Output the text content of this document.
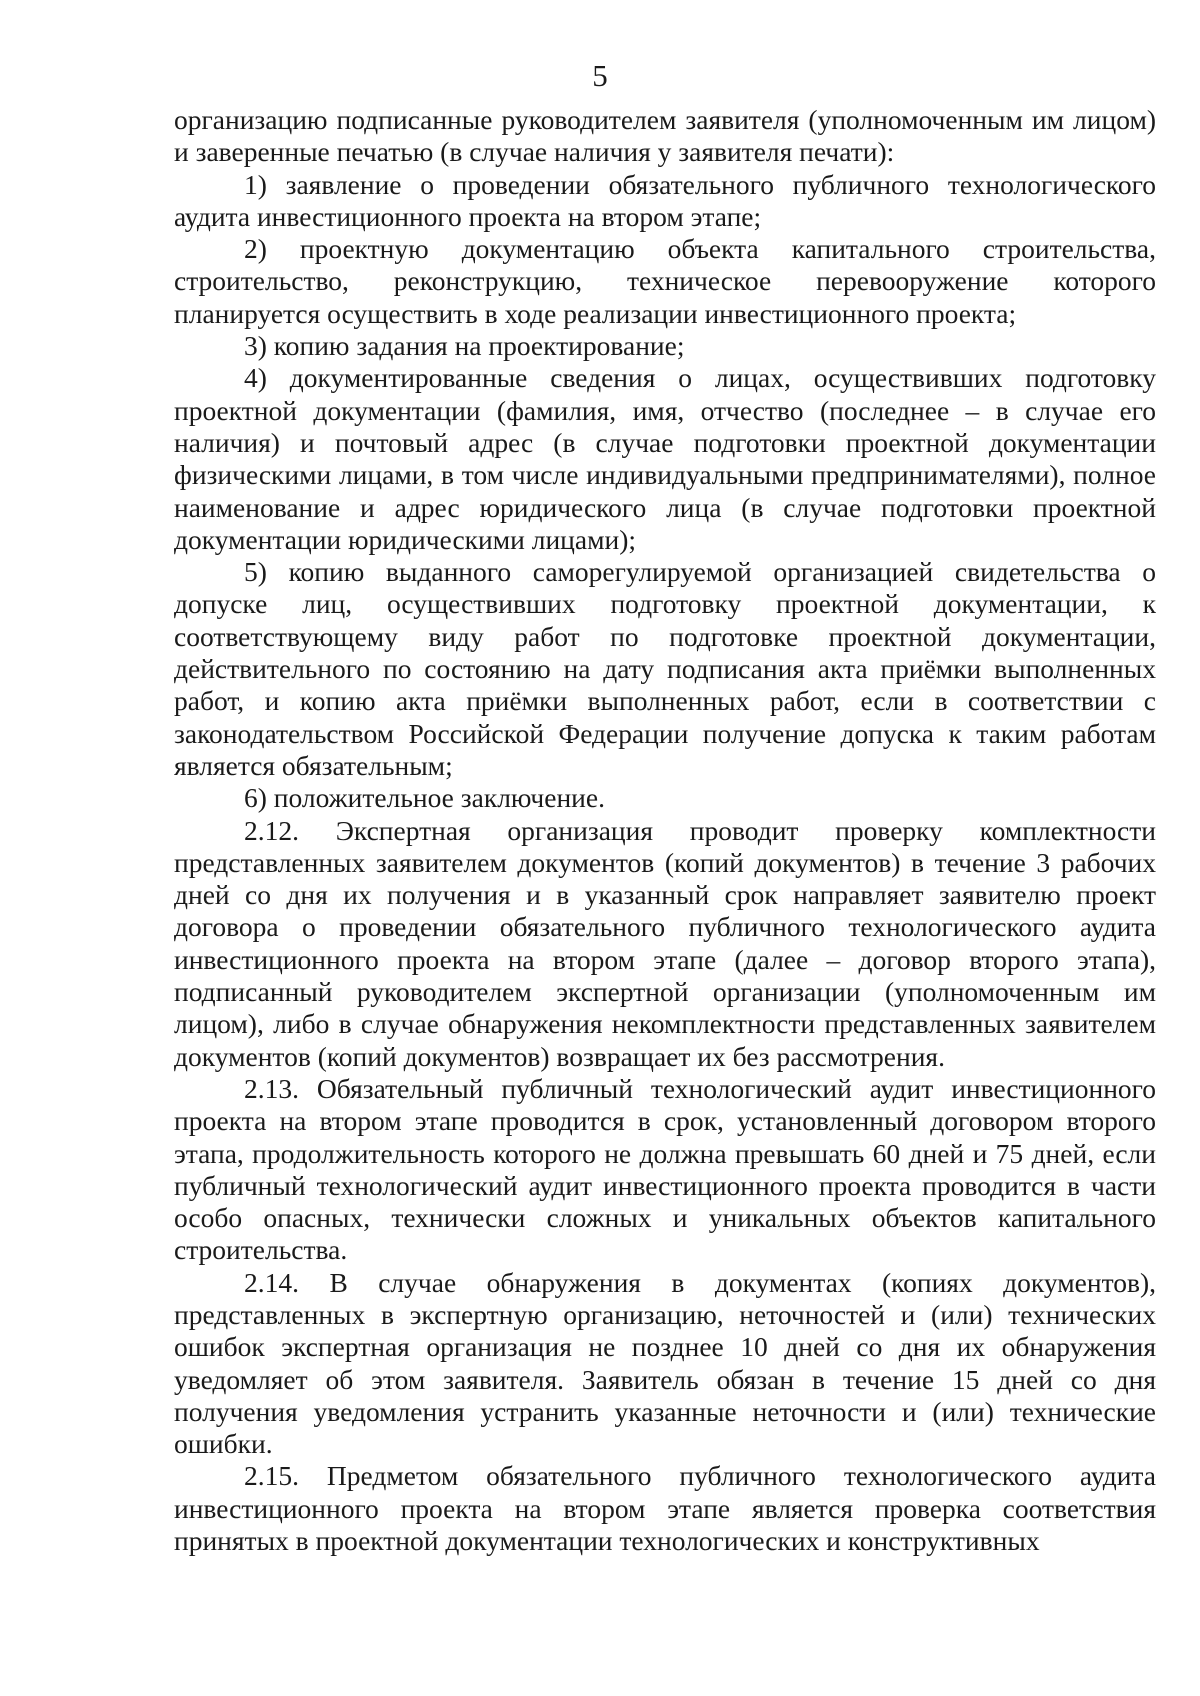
5

организацию подписанные руководителем заявителя (уполномоченным им лицом) и заверенные печатью (в случае наличия у заявителя печати):

1) заявление о проведении обязательного публичного технологического аудита инвестиционного проекта на втором этапе;

2) проектную документацию объекта капитального строительства, строительство, реконструкцию, техническое перевооружение которого планируется осуществить в ходе реализации инвестиционного проекта;

3) копию задания на проектирование;

4) документированные сведения о лицах, осуществивших подготовку проектной документации (фамилия, имя, отчество (последнее – в случае его наличия) и почтовый адрес (в случае подготовки проектной документации физическими лицами, в том числе индивидуальными предпринимателями), полное наименование и адрес юридического лица (в случае подготовки проектной документации юридическими лицами);

5) копию выданного саморегулируемой организацией свидетельства о допуске лиц, осуществивших подготовку проектной документации, к соответствующему виду работ по подготовке проектной документации, действительного по состоянию на дату подписания акта приёмки выполненных работ, и копию акта приёмки выполненных работ, если в соответствии с законодательством Российской Федерации получение допуска к таким работам является обязательным;

6) положительное заключение.

2.12. Экспертная организация проводит проверку комплектности представленных заявителем документов (копий документов) в течение 3 рабочих дней со дня их получения и в указанный срок направляет заявителю проект договора о проведении обязательного публичного технологического аудита инвестиционного проекта на втором этапе (далее – договор второго этапа), подписанный руководителем экспертной организации (уполномоченным им лицом), либо в случае обнаружения некомплектности представленных заявителем документов (копий документов) возвращает их без рассмотрения.

2.13. Обязательный публичный технологический аудит инвестиционного проекта на втором этапе проводится в срок, установленный договором второго этапа, продолжительность которого не должна превышать 60 дней и 75 дней, если публичный технологический аудит инвестиционного проекта проводится в части особо опасных, технически сложных и уникальных объектов капитального строительства.

2.14. В случае обнаружения в документах (копиях документов), представленных в экспертную организацию, неточностей и (или) технических ошибок экспертная организация не позднее 10 дней со дня их обнаружения уведомляет об этом заявителя. Заявитель обязан в течение 15 дней со дня получения уведомления устранить указанные неточности и (или) технические ошибки.

2.15. Предметом обязательного публичного технологического аудита инвестиционного проекта на втором этапе является проверка соответствия принятых в проектной документации технологических и конструктивных
